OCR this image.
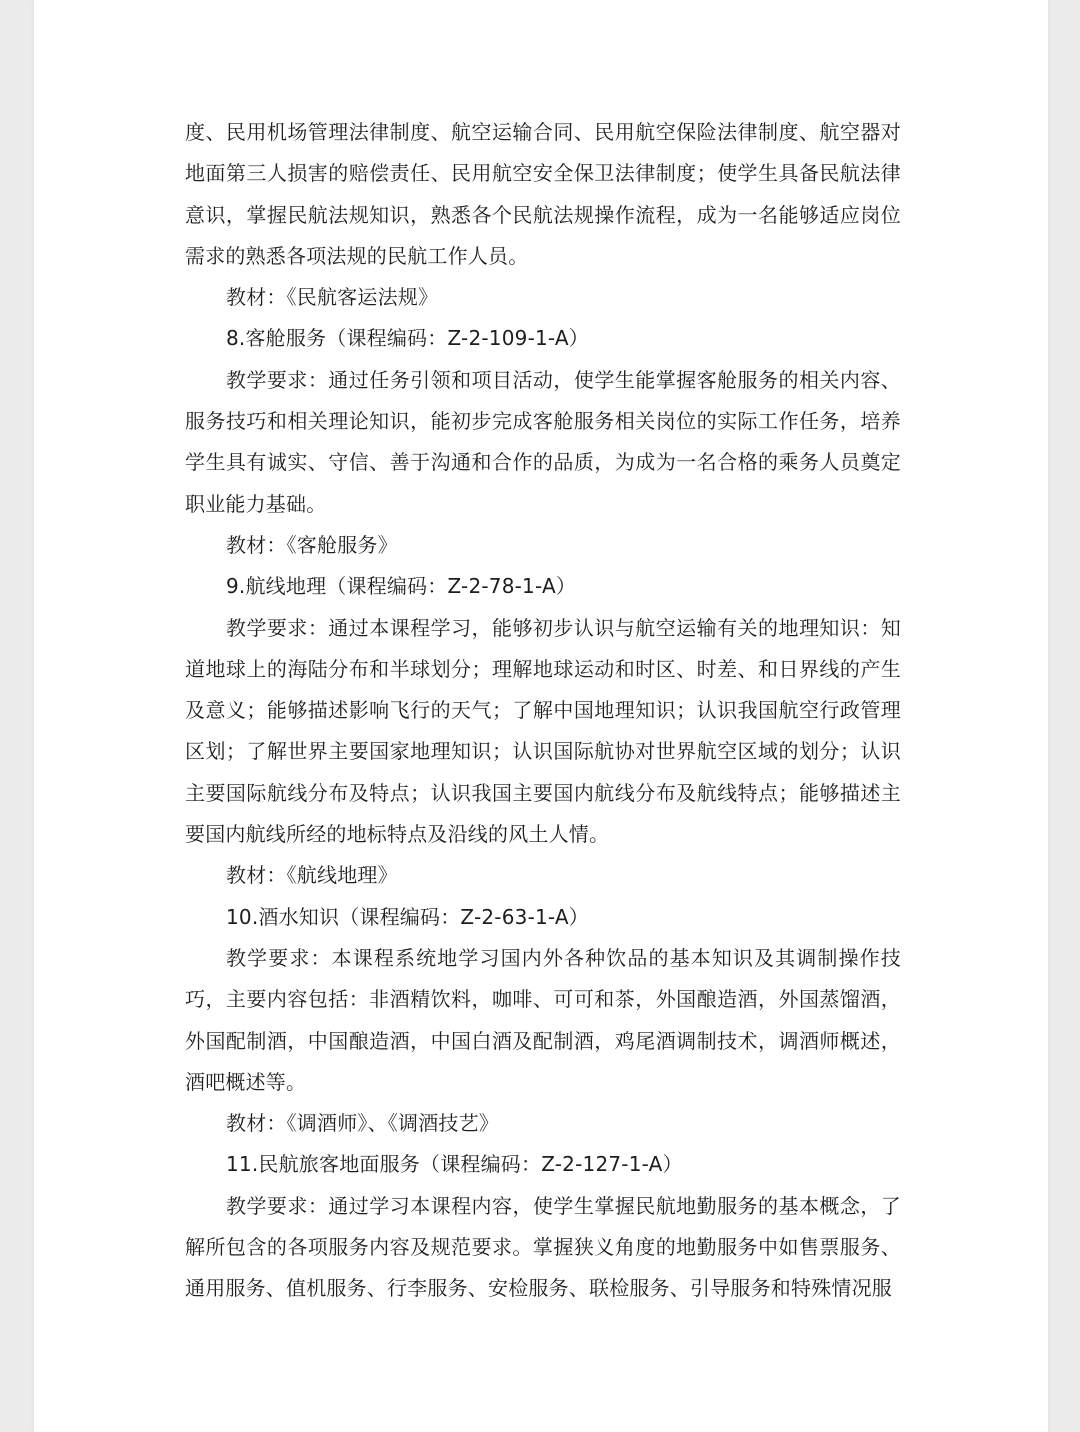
度、民用机场管理法律制度、航空运输合同、民用航空保险法律制度、航空器对地面第三人损害的赔偿责任、民用航空安全保卫法律制度；使学生具备民航法律意识，掌握民航法规知识，熟悉各个民航法规操作流程，成为一名能够适应岗位需求的熟悉各项法规的民航工作人员。

教材：《民航客运法规》

8.客舱服务（课程编码：Z-2-109-1-A）

教学要求：通过任务引领和项目活动，使学生能掌握客舱服务的相关内容、服务技巧和相关理论知识，能初步完成客舱服务相关岗位的实际工作任务，培养学生具有诚实、守信、善于沟通和合作的品质，为成为一名合格的乘务人员奠定职业能力基础。

教材：《客舱服务》

9.航线地理（课程编码：Z-2-78-1-A）

教学要求：通过本课程学习，能够初步认识与航空运输有关的地理知识：知道地球上的海陆分布和半球划分；理解地球运动和时区、时差、和日界线的产生及意义；能够描述影响飞行的天气；了解中国地理知识；认识我国航空行政管理区划；了解世界主要国家地理知识；认识国际航协对世界航空区域的划分；认识主要国际航线分布及特点；认识我国主要国内航线分布及航线特点；能够描述主要国内航线所经的地标特点及沿线的风土人情。

教材：《航线地理》

10.酒水知识（课程编码：Z-2-63-1-A）

教学要求：本课程系统地学习国内外各种饮品的基本知识及其调制操作技巧，主要内容包括：非酒精饮料，咖啡、可可和茶，外国酿造酒，外国蒸馏酒，外国配制酒，中国酿造酒，中国白酒及配制酒，鸡尾酒调制技术，调酒师概述，酒吧概述等。

教材：《调酒师》、《调酒技艺》

11.民航旅客地面服务（课程编码：Z-2-127-1-A）

教学要求：通过学习本课程内容，使学生掌握民航地勤服务的基本概念，了解所包含的各项服务内容及规范要求。掌握狭义角度的地勤服务中如售票服务、通用服务、值机服务、行李服务、安检服务、联检服务、引导服务和特殊情况服
